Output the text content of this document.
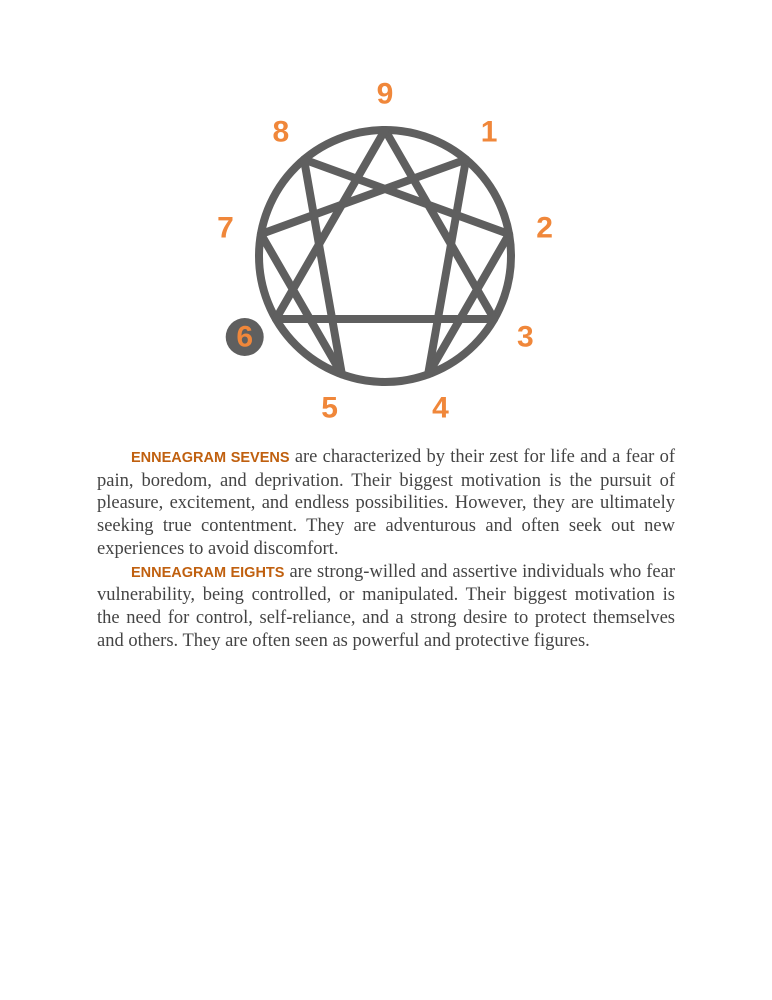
9
1
2
3
4
5
6
7
8

ENNEAGRAM SEVENS are characterized by their zest for life and a fear of pain, boredom, and deprivation. Their biggest motivation is the pursuit of pleasure, excitement, and endless possibilities. However, they are ultimately seeking true contentment. They are adventurous and often seek out new experiences to avoid discomfort.

ENNEAGRAM EIGHTS are strong-willed and assertive individuals who fear vulnerability, being controlled, or manipulated. Their biggest motivation is the need for control, self-reliance, and a strong desire to protect themselves and others. They are often seen as powerful and protective figures.
